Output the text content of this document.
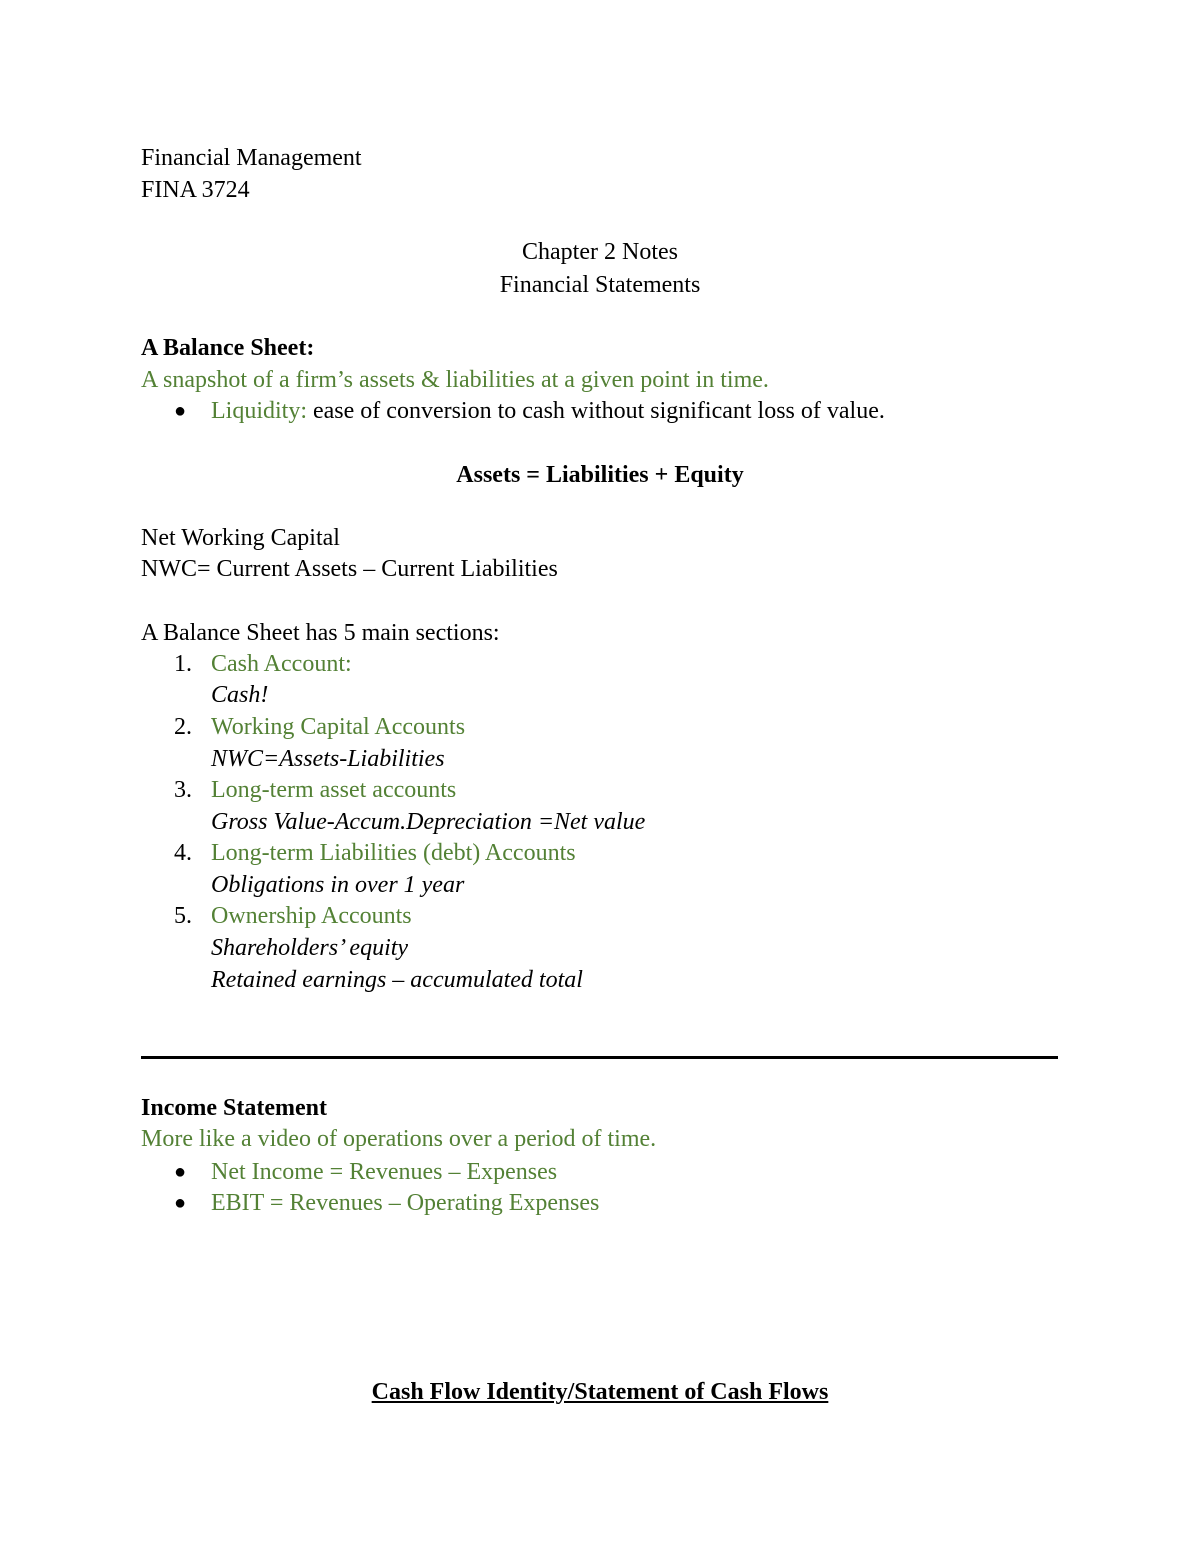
Financial Management
FINA 3724
Chapter 2 Notes
Financial Statements
A Balance Sheet:
A snapshot of a firm’s assets & liabilities at a given point in time.
● Liquidity: ease of conversion to cash without significant loss of value.
Assets = Liabilities + Equity
Net Working Capital
NWC= Current Assets – Current Liabilities
A Balance Sheet has 5 main sections:
1. Cash Account:
Cash!
2. Working Capital Accounts
NWC=Assets-Liabilities
3. Long-term asset accounts
Gross Value-Accum.Depreciation =Net value
4. Long-term Liabilities (debt) Accounts
Obligations in over 1 year
5. Ownership Accounts
Shareholders’ equity
Retained earnings – accumulated total
Income Statement
More like a video of operations over a period of time.
● Net Income = Revenues – Expenses
● EBIT = Revenues – Operating Expenses
Cash Flow Identity/Statement of Cash Flows
